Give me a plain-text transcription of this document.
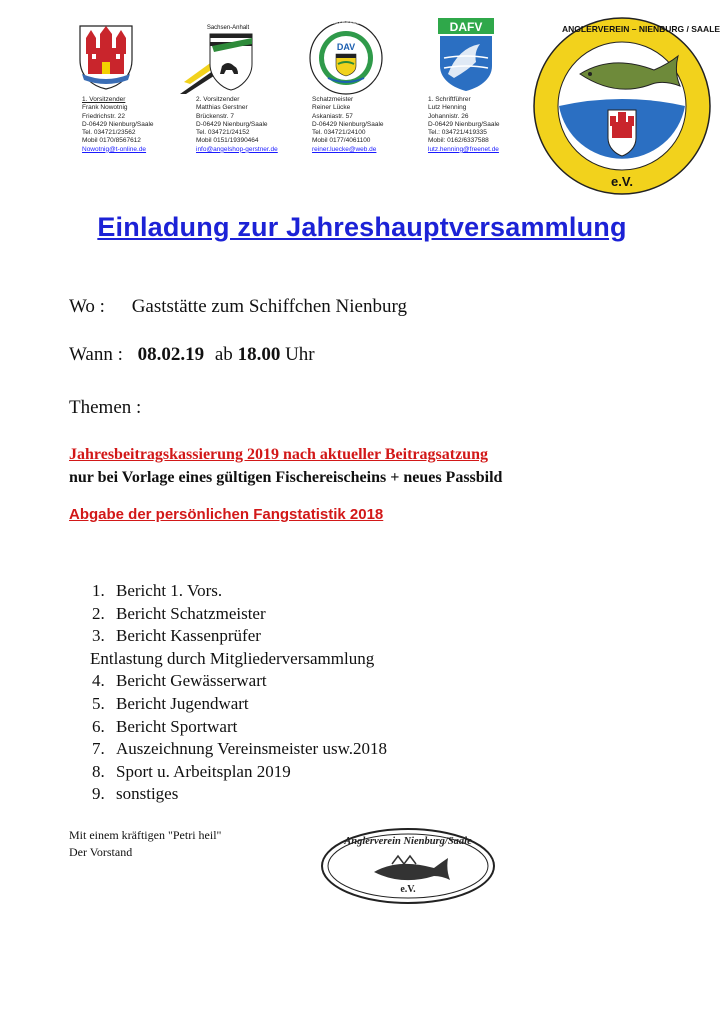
Sachsen-Anhalt
DAV
LANDESANGLERVERBAND SACHSEN-ANHALT e.V.	DAFV	ANGLERVEREIN – NIENBURG / SAALE
e.V.
1. Vorsitzender
Frank Nowotnig
Friedrichstr. 22
D-06429 Nienburg/Saale
Tel. 034721/23562
Mobil 0170/8567612
Nowotnig@t-online.de
2. Vorsitzender
Matthias Gerstner
Brückenstr. 7
D-06429 Nienburg/Saale
Tel. 034721/24152
Mobil 0151/19390464
info@angelshop-gerstner.de
Schatzmeister
Reiner Lücke
Askaniastr. 57
D-06429 Nienburg/Saale
Tel. 034721/24100
Mobil 0177/4061100
reiner.luecke@web.de
1. Schriftführer
Lutz Henning
Johannistr. 26
D-06429 Nienburg/Saale
Tel.: 034721/419335
Mobil: 0162/6337588
lutz.henning@freenet.de
Einladung zur Jahreshauptversammlung
Wo : Gaststätte zum Schiffchen Nienburg
Wann : 08.02.19 ab 18.00 Uhr
Themen :
Jahresbeitragskassierung 2019 nach aktueller Beitragsatzung
nur bei Vorlage eines gültigen Fischereischeins + neues Passbild
Abgabe der persönlichen Fangstatistik 2018
1. Bericht 1. Vors.
2. Bericht Schatzmeister
3. Bericht Kassenprüfer
Entlastung durch Mitgliederversammlung
4. Bericht Gewässerwart
5. Bericht Jugendwart
6. Bericht Sportwart
7. Auszeichnung Vereinsmeister usw.2018
8. Sport u. Arbeitsplan 2019
9. sonstiges
Mit einem kräftigen "Petri heil"
Der Vorstand
Anglerverein Nienburg/Saale
e.V.
